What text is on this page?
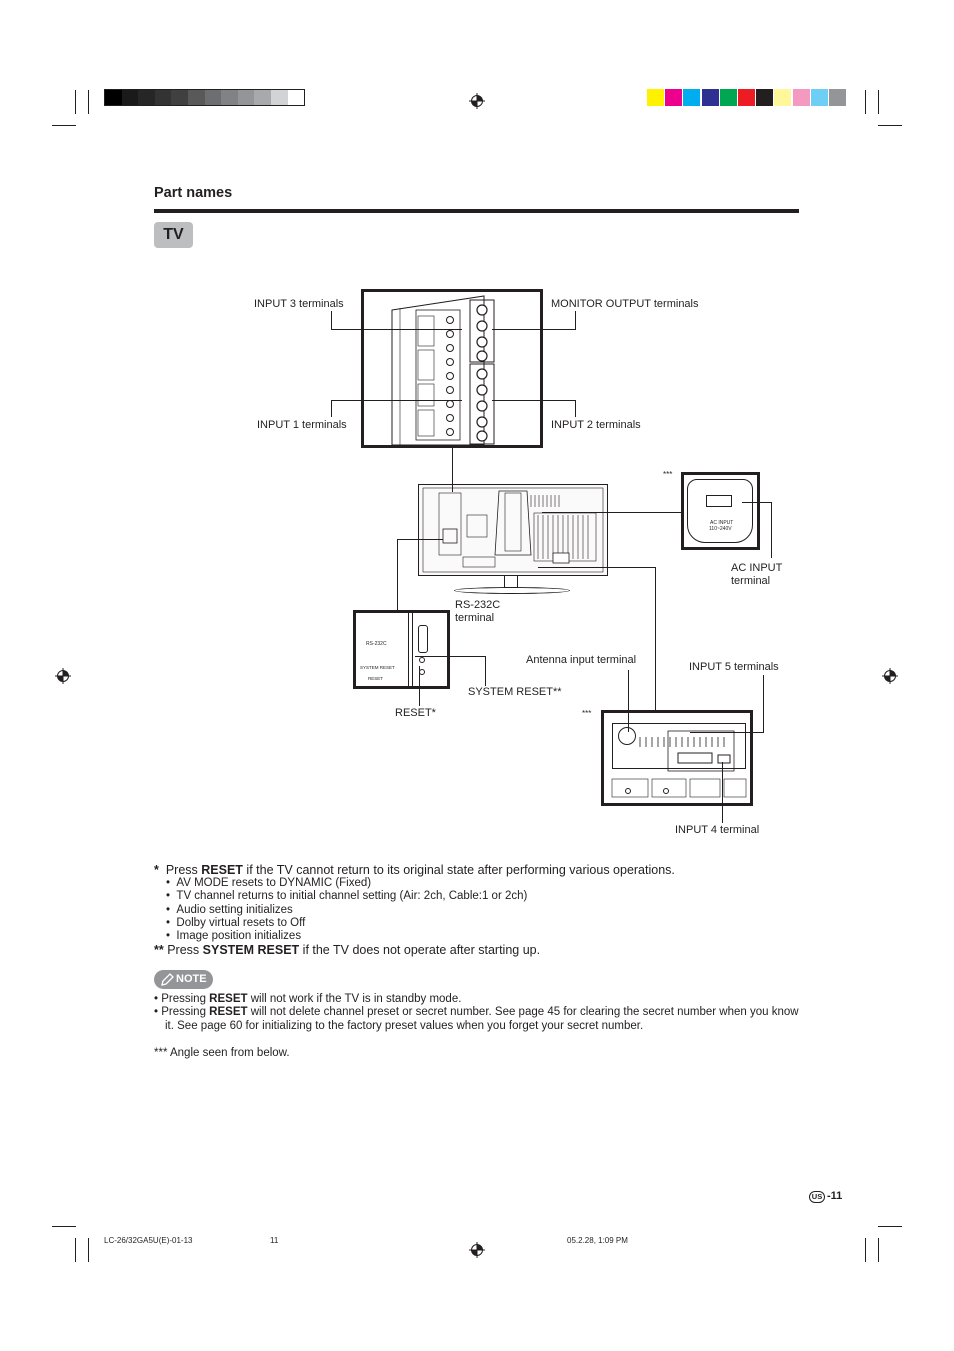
Part names
TV
AC INPUT
110~240V
RS-232C
SYSTEM RESET
RESET
INPUT 3 terminals	MONITOR OUTPUT terminals
INPUT 1 terminals	INPUT 2 terminals
***
AC INPUT
terminal
RS-232C
terminal
Antenna input terminal
INPUT 5 terminals
SYSTEM RESET**
RESET*	***
INPUT 4 terminal
* Press RESET if the TV cannot return to its original state after performing various operations.
•  AV MODE resets to DYNAMIC (Fixed)
•  TV channel returns to initial channel setting (Air: 2ch, Cable:1 or 2ch)
•  Audio setting initializes
•  Dolby virtual resets to Off
•  Image position initializes
** Press SYSTEM RESET if the TV does not operate after starting up.
NOTE
• Pressing RESET will not work if the TV is in standby mode.
• Pressing RESET will not delete channel preset or secret number. See page 45 for clearing the secret number when you know it. See page 60 for initializing to the factory preset values when you forget your secret number.
*** Angle seen from below.
US -11
LC-26/32GA5U(E)-01-13	11	05.2.28, 1:09 PM
